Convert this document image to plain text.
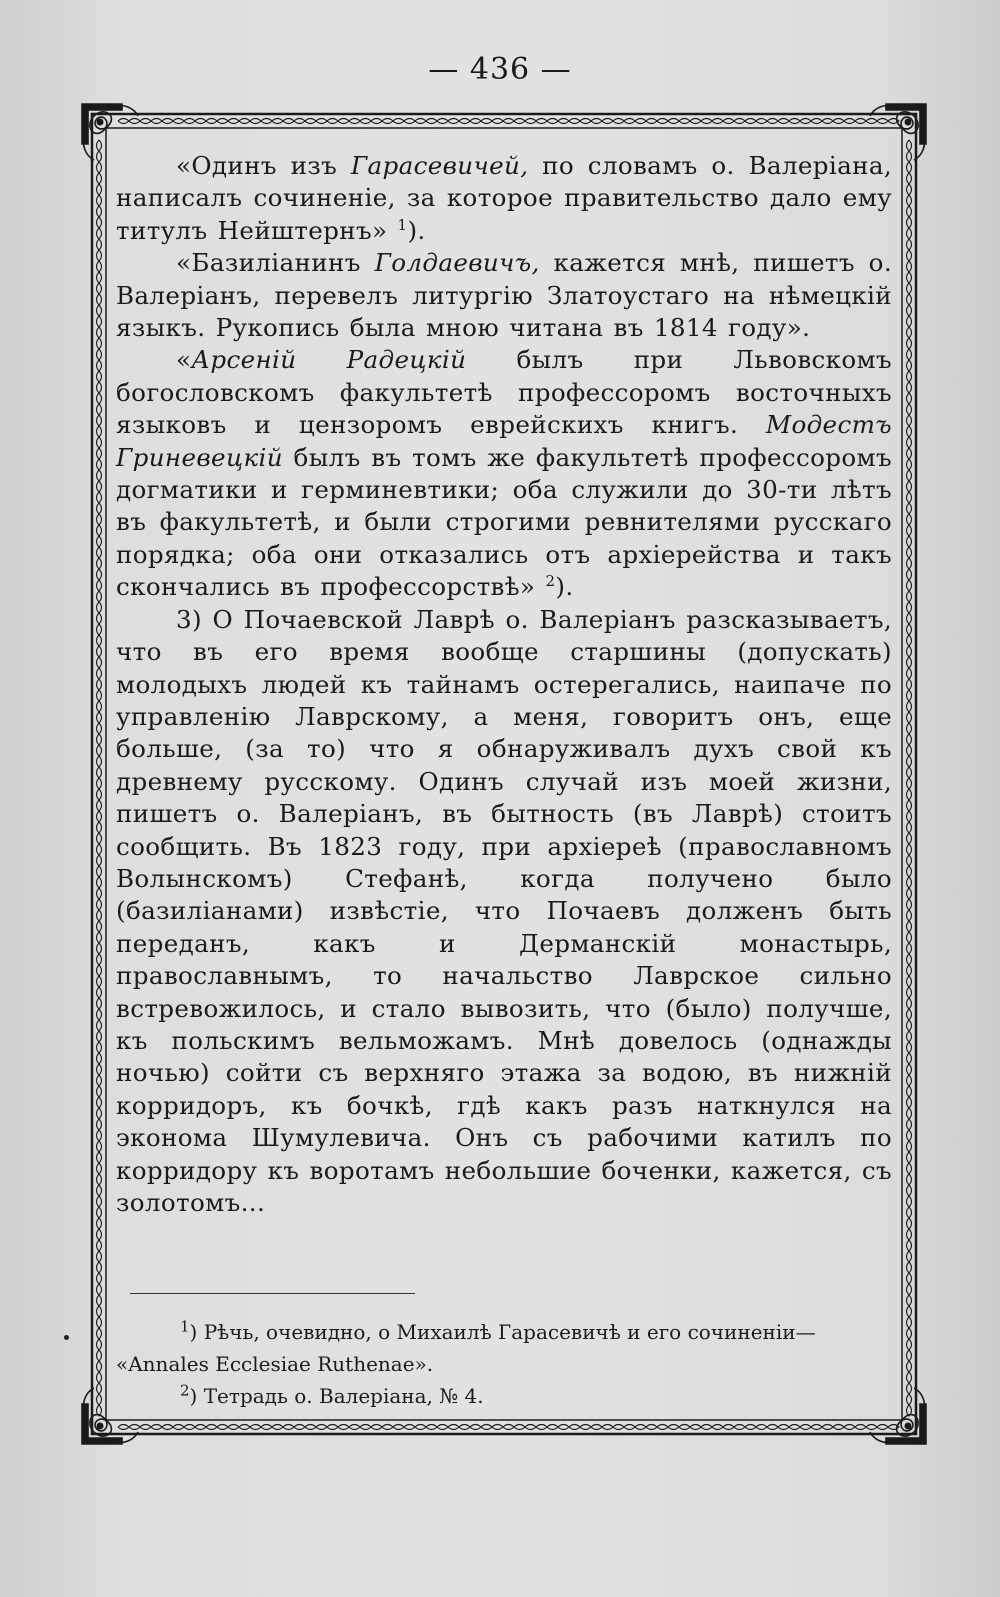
— 436 —

«Одинъ изъ Гарасевичей, по словамъ о. Валеріана, написалъ сочиненіе, за которое правительство дало ему титулъ Нейштернъ» $^1$).

«Базиліанинъ Голдаевичъ, кажется мнѣ, пишетъ о. Валеріанъ, перевелъ литургію Златоустаго на нѣмецкій языкъ. Рукопись была мною читана въ 1814 году».

«Арсеній Радецкій былъ при Львовскомъ богословскомъ факультетѣ профессоромъ восточныхъ языковъ и цензоромъ еврейскихъ книгъ. Модестъ Гриневецкій былъ въ томъ же факультетѣ профессоромъ догматики и герминевтики; оба служили до 30-ти лѣтъ въ факультетѣ, и были строгими ревнителями русскаго порядка; оба они отказались отъ архіерейства и такъ скончались въ профессорствѣ» $^2$).

3) О Почаевской Лаврѣ о. Валеріанъ разсказываетъ, что въ его время вообще старшины (допускать) молодыхъ людей къ тайнамъ остерегались, наипаче по управленію Лаврскому, а меня, говоритъ онъ, еще больше, (за то) что я обнаруживалъ духъ свой къ древнему русскому. Одинъ случай изъ моей жизни, пишетъ о. Валеріанъ, въ бытность (въ Лаврѣ) стоитъ сообщить. Въ 1823 году, при архіереѣ (православномъ Волынскомъ) Стефанѣ, когда получено было (базиліанами) извѣстіе, что Почаевъ долженъ быть переданъ, какъ и Дерманскій монастырь, православнымъ, то начальство Лаврское сильно встревожилось, и стало вывозить, что (было) получше, къ польскимъ вельможамъ. Мнѣ довелось (однажды ночью) сойти съ верхняго этажа за водою, въ нижній корридоръ, къ бочкѣ, гдѣ какъ разъ наткнулся на эконома Шумулевича. Онъ съ рабочими катилъ по корридору къ воротамъ небольшие боченки, кажется, съ золотомъ...

$^1$) Рѣчь, очевидно, о Михаилѣ Гарасевичѣ и его сочиненіи—

«Annales Ecclesiae Ruthenae».

$^2$) Тетрадь о. Валеріана, № 4.
